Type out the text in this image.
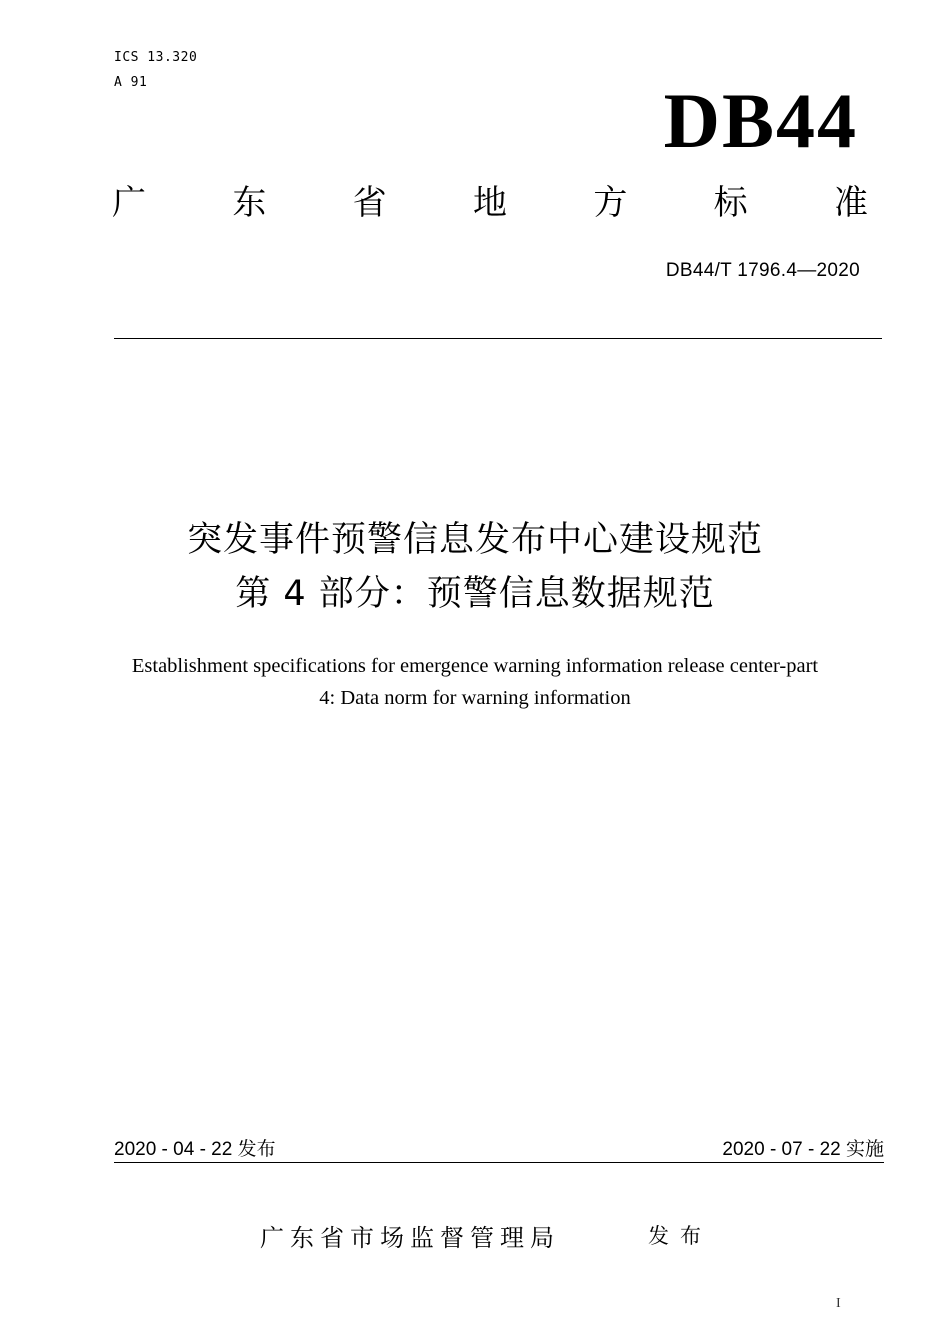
ICS 13.320
A 91	DB44
广	东	省	地	方	标	准
DB44/T 1796.4—2020
突发事件预警信息发布中心建设规范
第 4 部分：预警信息数据规范
Establishment specifications for emergence warning information release center-part
4: Data norm for warning information
2020 - 04 - 22 发布	2020 - 07 - 22 实施
广东省市场监督管理局	发布
I
